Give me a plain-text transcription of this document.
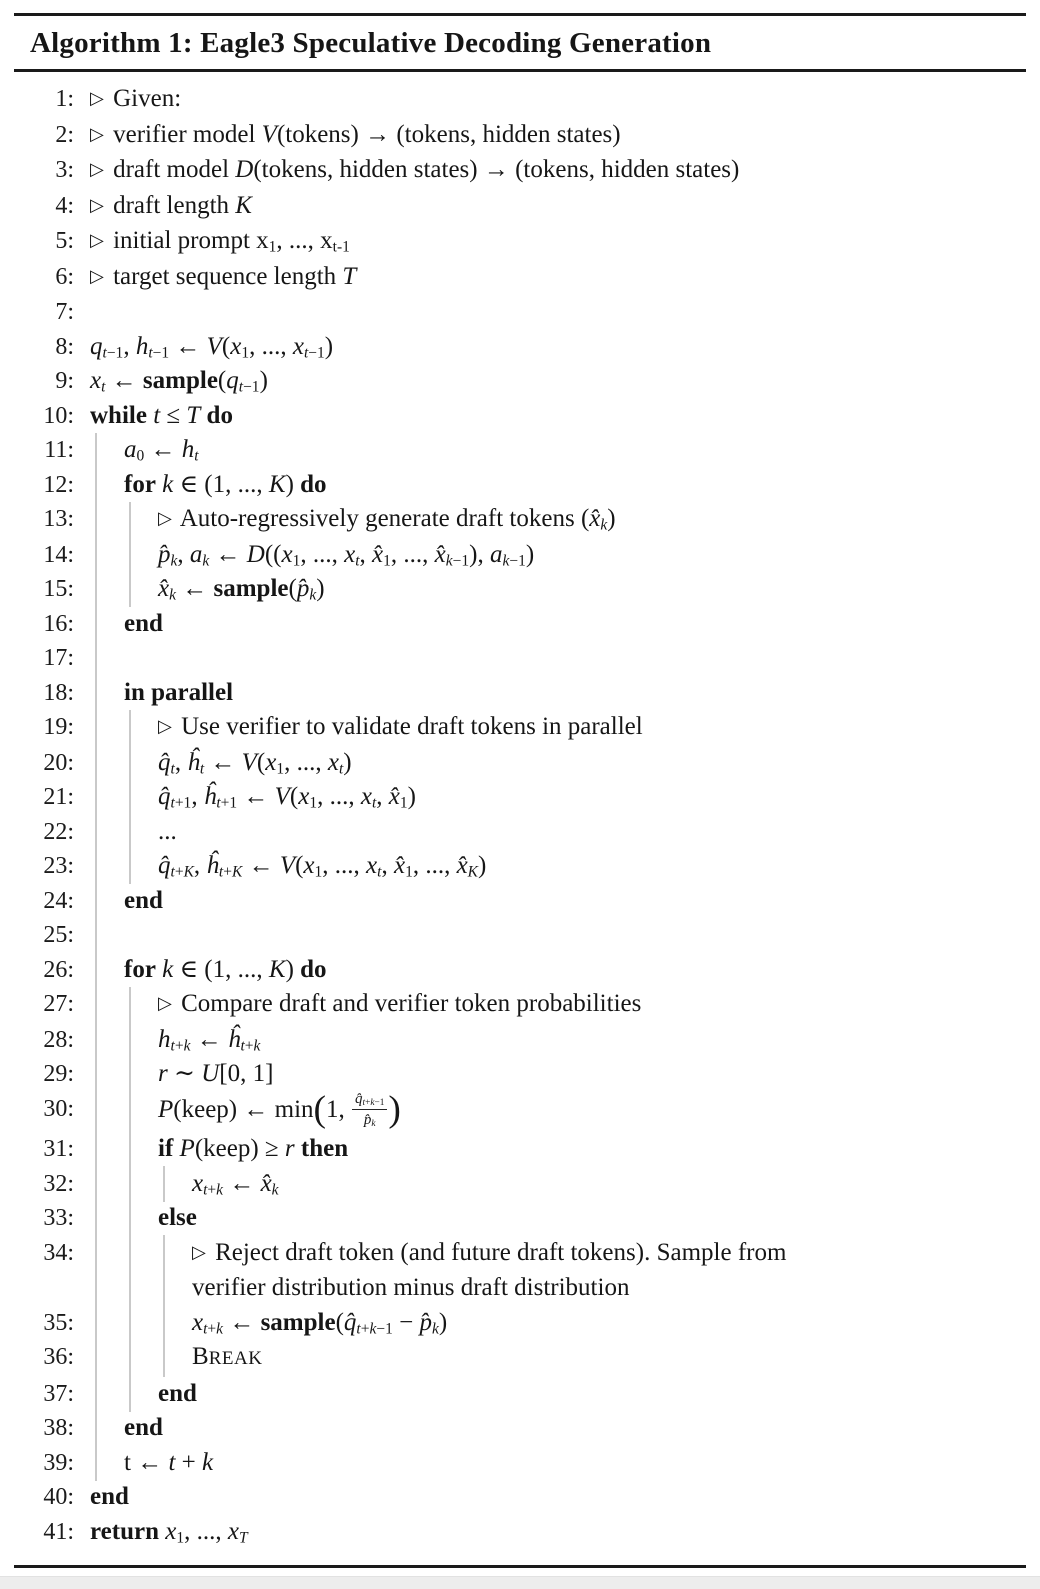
Algorithm 1: Eagle3 Speculative Decoding Generation
1: ▷ Given:
2: ▷ verifier model V(tokens) → (tokens, hidden states)
3: ▷ draft model D(tokens, hidden states) → (tokens, hidden states)
4: ▷ draft length K
5: ▷ initial prompt $x_1$, ..., $x_{t-1}$
6: ▷ target sequence length T
7:
8: $q_{t-1}$, $h_{t-1}$ ← $V(x_1$, ..., $x_{t-1}$)
9: $x_t$ ← $sample(q_{t-1})$
10: while t ≤ T do
11:	$a_0$ ← $h_t$
12:	for k ∈ (1, ..., K) do
13:	▷ Auto-regressively generate draft tokens $(x̂_k)$
14:	$p̂_k$, $a_k$ ← $D((x_1$, ..., $x_t$, $x̂_1$, ..., $x̂_{k-1}$), $a_{k-1}$)
15:	$x̂_k$ ← $sample(p̂_k)$
16:	end
17:
18:	in parallel
19:	▷ Use verifier to validate draft tokens in parallel
20:	$q̂_t$, $ĥ_t$ ← $V(x_1$, ..., $x_t$)
21:	$q̂_{t+1}$, $ĥ_{t+1}$ ← $V(x_1$, ..., $x_t$, $x̂_1$)
22:	...
23:	$q̂_{t+K}$, $ĥ_{t+K}$ ← $V(x_1$, ..., $x_t$, $x̂_1$, ..., $x̂_K$)
24:	end
25:
26:	for k ∈ (1, ..., K) do
27:	▷ Compare draft and verifier token probabilities
28:	$h_{t+k}$ ← $ĥ_{t+k}$
29:	r ∼ U[0, 1]
30:	P(keep) ← min(1, $\frac{q̂_{t+k-1}}{p̂_k}$ )
31:	if P(keep) ≥ r then
32:	$x_{t+k}$ ← $x̂_k$
33:	else
34:	▷ Reject draft token (and future draft tokens). Sample from
verifier distribution minus draft distribution
35:	$x_{t+k}$ ← $sample(q̂_{t+k-1}$ − $p̂_k$)
36:	BREAK
37:	end
38:	end
39:	t ← t + k
40: end
41: return $x_1$, ..., $x_T$
